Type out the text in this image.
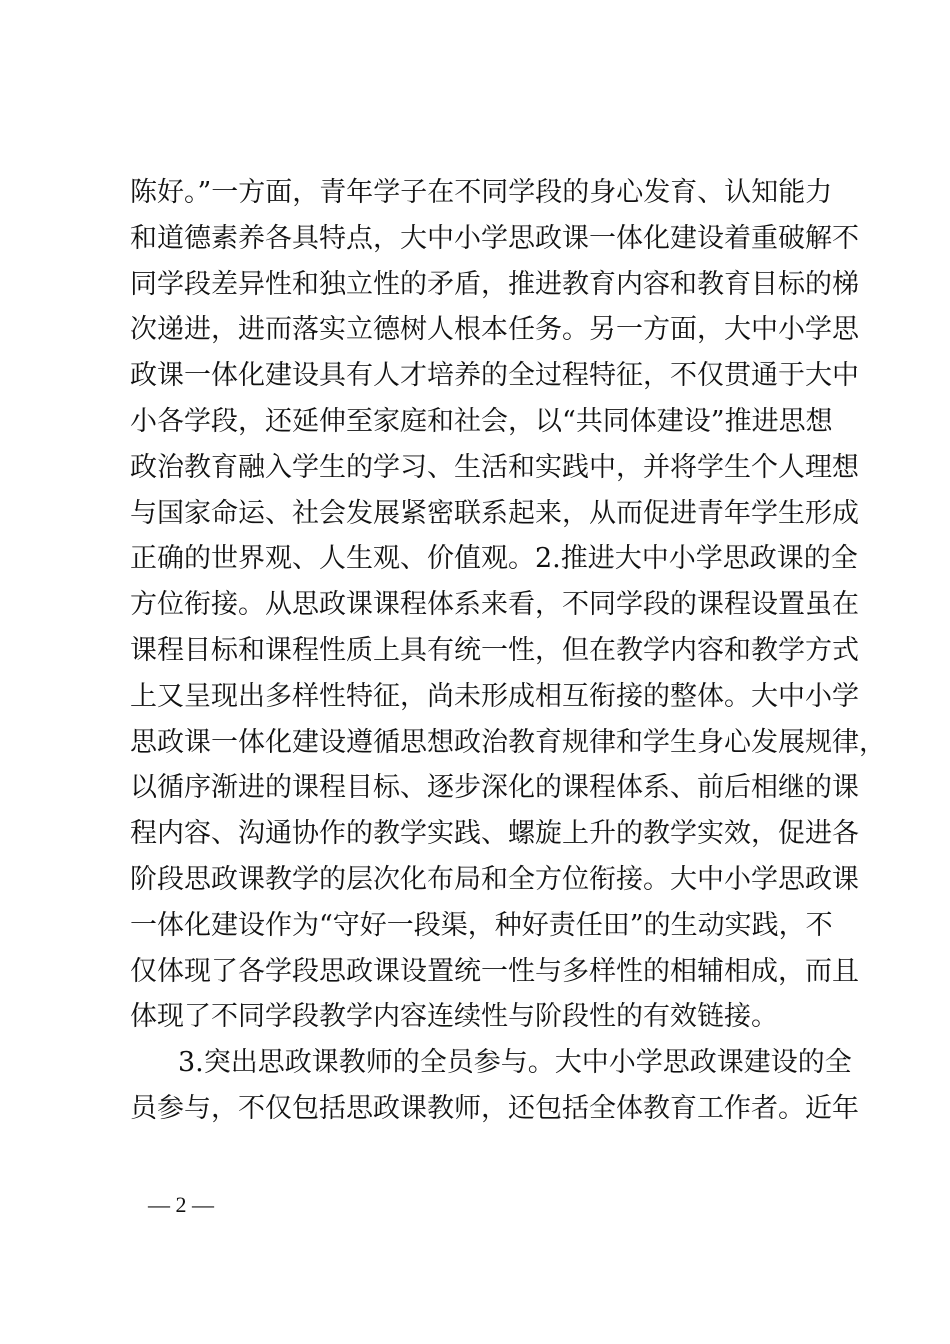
陈好。”一方面，青年学子在不同学段的身心发育、认知能力
和道德素养各具特点，大中小学思政课一体化建设着重破解不
同学段差异性和独立性的矛盾，推进教育内容和教育目标的梯
次递进，进而落实立德树人根本任务。另一方面，大中小学思
政课一体化建设具有人才培养的全过程特征，不仅贯通于大中
小各学段，还延伸至家庭和社会，以“共同体建设”推进思想
政治教育融入学生的学习、生活和实践中，并将学生个人理想
与国家命运、社会发展紧密联系起来，从而促进青年学生形成
正确的世界观、人生观、价值观。2.推进大中小学思政课的全
方位衔接。从思政课课程体系来看，不同学段的课程设置虽在
课程目标和课程性质上具有统一性，但在教学内容和教学方式
上又呈现出多样性特征，尚未形成相互衔接的整体。大中小学
思政课一体化建设遵循思想政治教育规律和学生身心发展规律，
以循序渐进的课程目标、逐步深化的课程体系、前后相继的课
程内容、沟通协作的教学实践、螺旋上升的教学实效，促进各
阶段思政课教学的层次化布局和全方位衔接。大中小学思政课
一体化建设作为“守好一段渠，种好责任田”的生动实践，不
仅体现了各学段思政课设置统一性与多样性的相辅相成，而且
体现了不同学段教学内容连续性与阶段性的有效链接。
3.突出思政课教师的全员参与。大中小学思政课建设的全
员参与，不仅包括思政课教师，还包括全体教育工作者。近年
— 2 —
